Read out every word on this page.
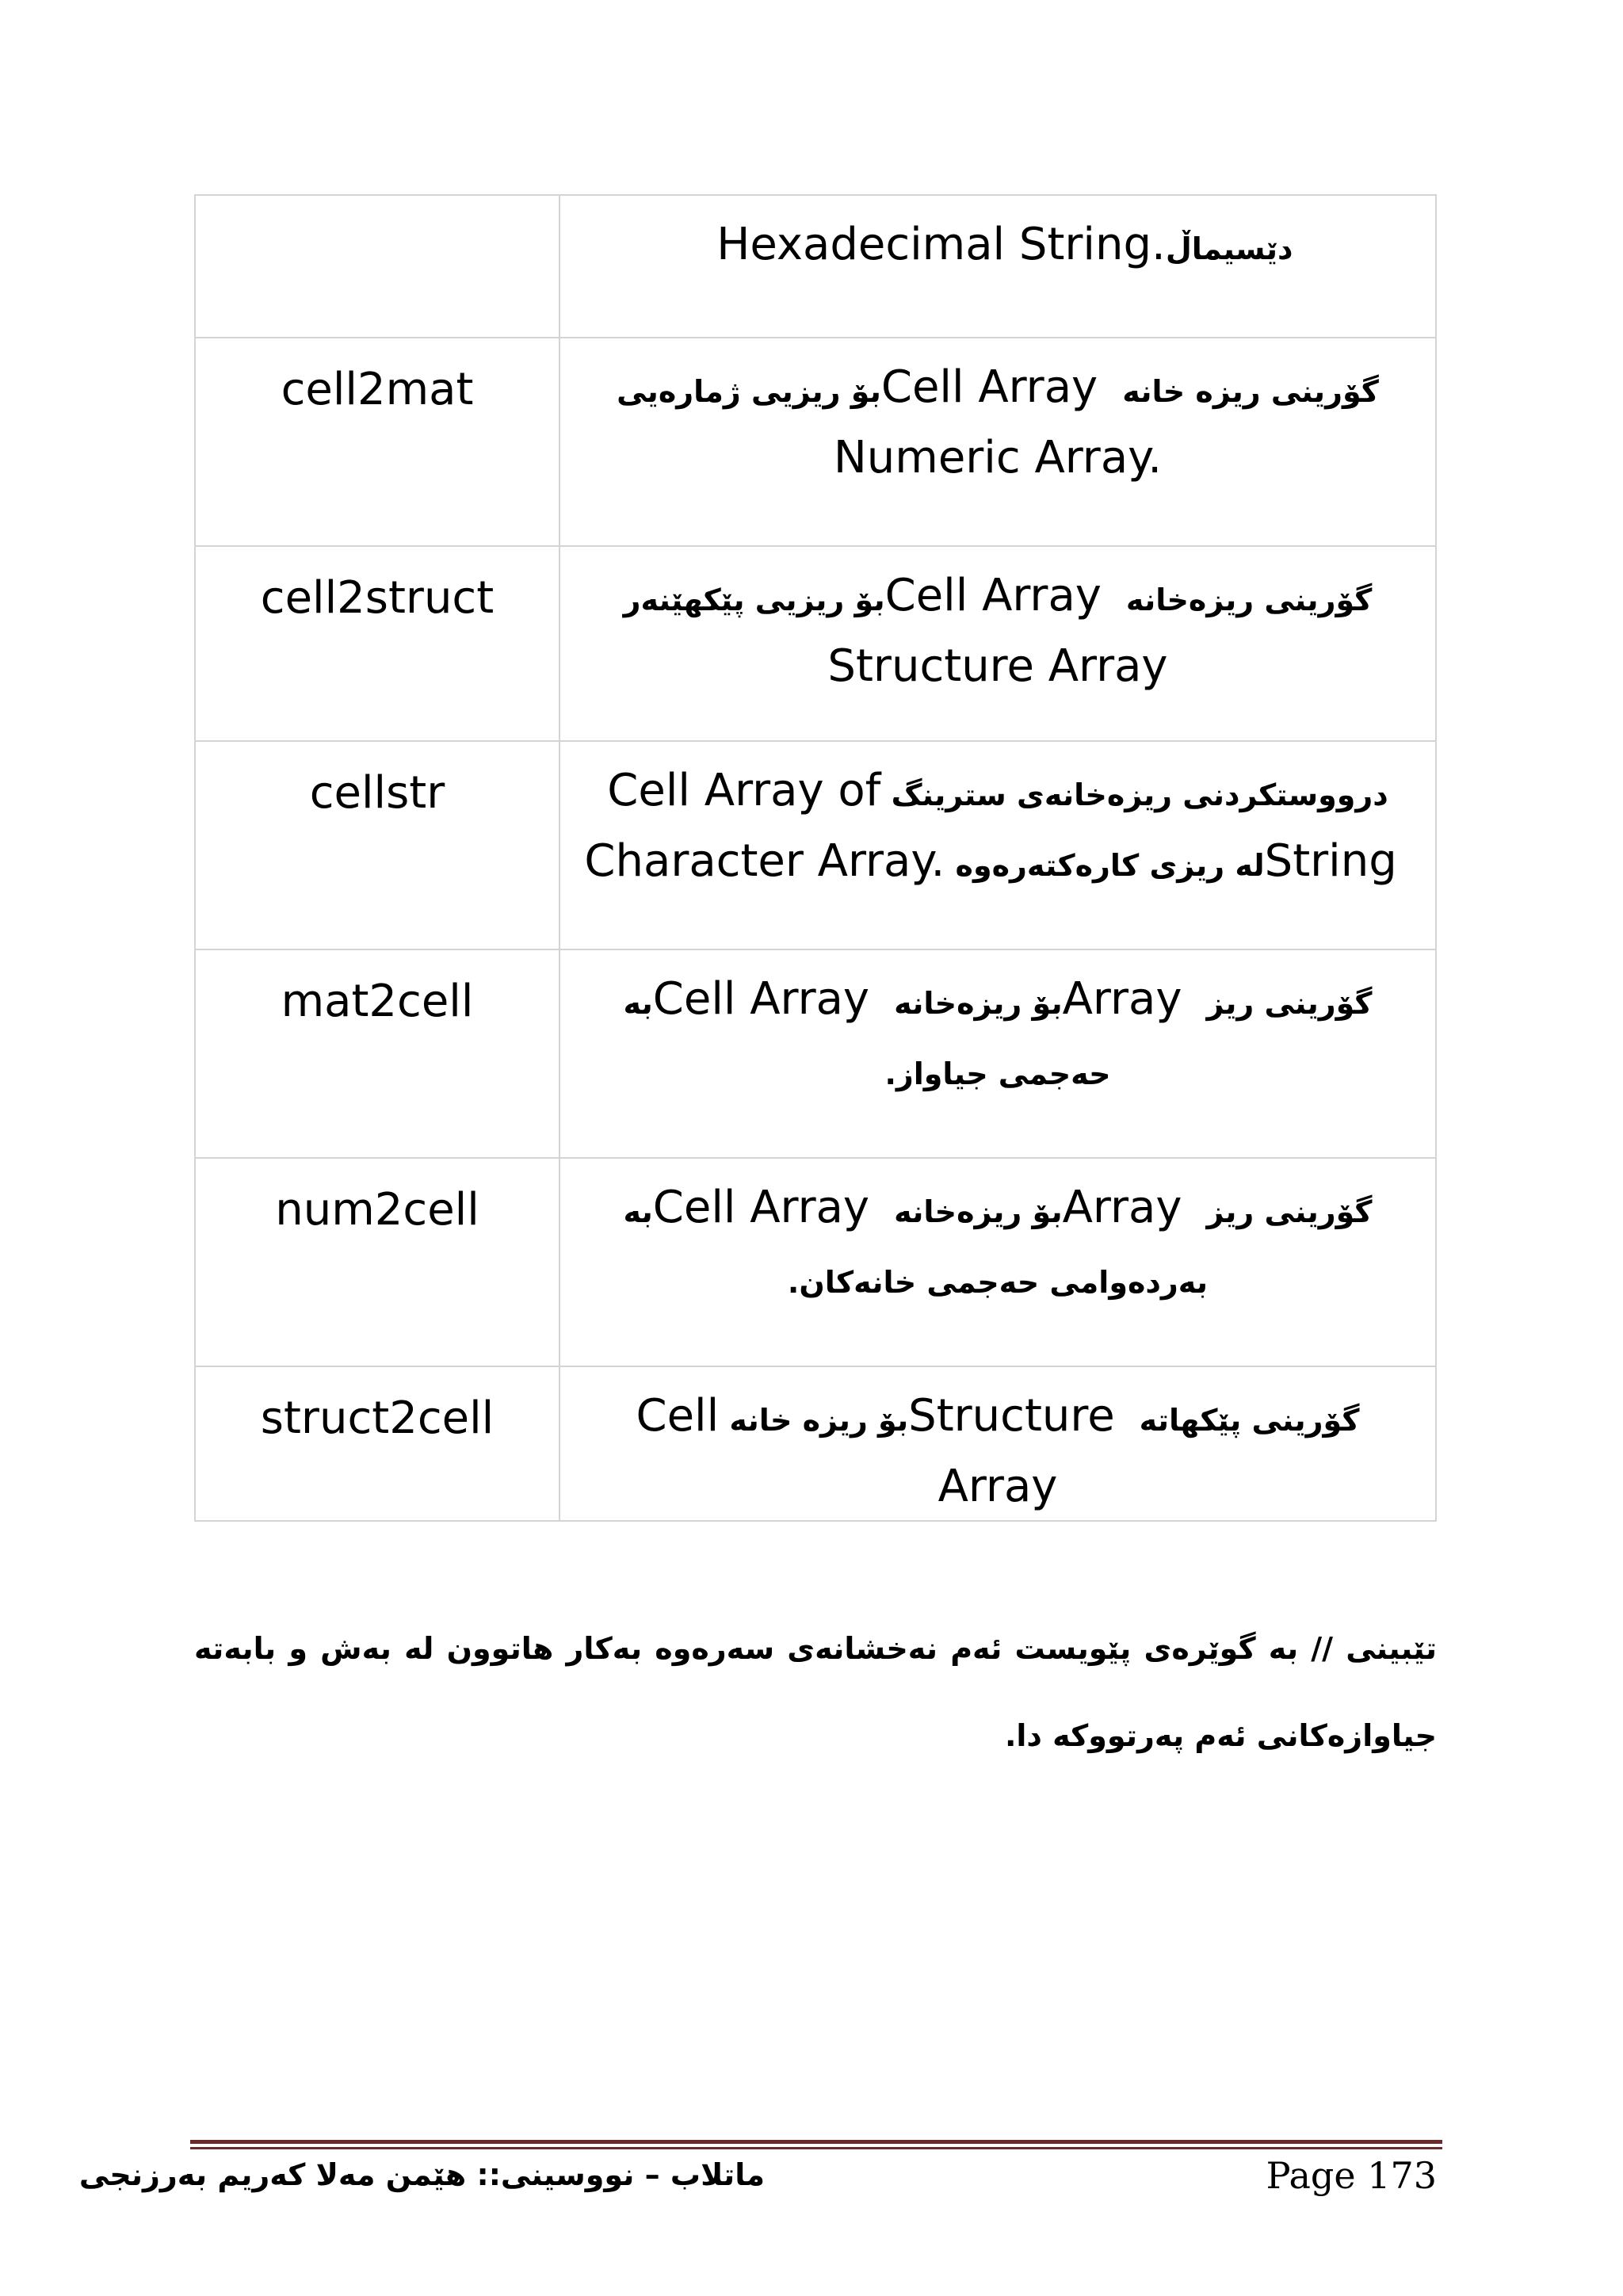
	دێسیماڵ Hexadecimal String.
cell2mat	گۆرینی ریزە خانە Cell Array بۆ ریزیی ژمارەیی Numeric Array.
cell2struct	گۆرینی ریزەخانە Cell Array بۆ ریزیی پێکهێنەر Structure Array
cellstr	درووستکردنی ریزەخانەی سترینگ Cell Array of String لە ریزی کارەکتەرەوە Character Array.
mat2cell	گۆرینی ریز Array بۆ ریزەخانە Cell Array بە حەجمی جیاواز.
num2cell	گۆرینی ریز Array بۆ ریزەخانە Cell Array بە بەردەوامی حەجمی خانەکان.
struct2cell	گۆرینی پێکهاتە Structure بۆ ریزە خانە Cell Array
تێبینی // بە گوێرەی پێویست ئەم نەخشانەی سەرەوە بەکار هاتوون لە بەش و بابەتە جیاوازەکانی ئەم پەرتووکە دا.
ماتلاب – نووسینی:: هێمن مەلا کەریم بەرزنجی	Page 173
